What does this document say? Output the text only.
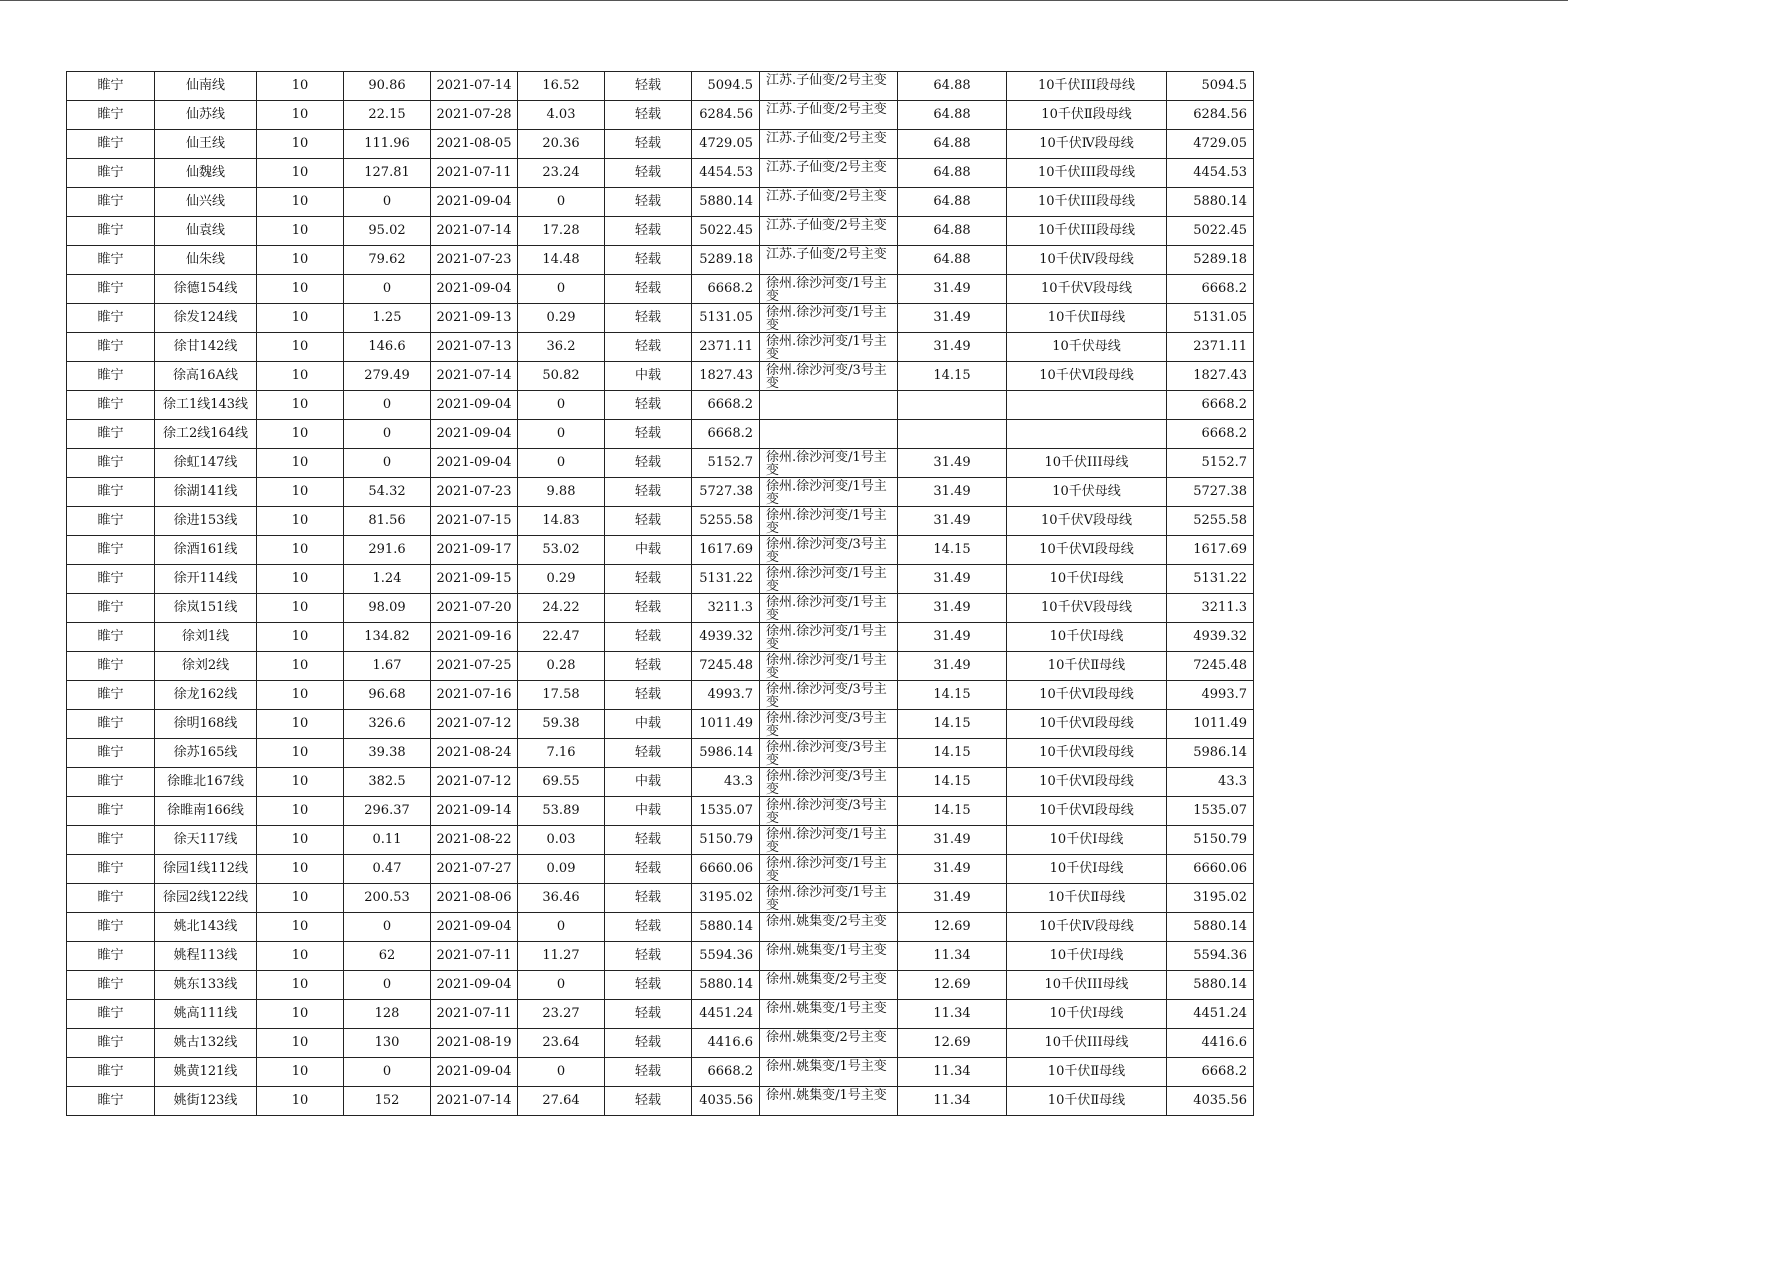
睢宁	仙南线	10	90.86	2021-07-14	16.52	轻载	5094.5	江苏.子仙变/2号主变	64.88	10千伏III段母线	5094.5
睢宁	仙苏线	10	22.15	2021-07-28	4.03	轻载	6284.56	江苏.子仙变/2号主变	64.88	10千伏Ⅱ段母线	6284.56
睢宁	仙王线	10	111.96	2021-08-05	20.36	轻载	4729.05	江苏.子仙变/2号主变	64.88	10千伏Ⅳ段母线	4729.05
睢宁	仙魏线	10	127.81	2021-07-11	23.24	轻载	4454.53	江苏.子仙变/2号主变	64.88	10千伏III段母线	4454.53
睢宁	仙兴线	10	0	2021-09-04	0	轻载	5880.14	江苏.子仙变/2号主变	64.88	10千伏III段母线	5880.14
睢宁	仙袁线	10	95.02	2021-07-14	17.28	轻载	5022.45	江苏.子仙变/2号主变	64.88	10千伏III段母线	5022.45
睢宁	仙朱线	10	79.62	2021-07-23	14.48	轻载	5289.18	江苏.子仙变/2号主变	64.88	10千伏Ⅳ段母线	5289.18
睢宁	徐德154线	10	0	2021-09-04	0	轻载	6668.2	徐州.徐沙河变/1号主变	31.49	10千伏Ⅴ段母线	6668.2
睢宁	徐发124线	10	1.25	2021-09-13	0.29	轻载	5131.05	徐州.徐沙河变/1号主变	31.49	10千伏Ⅱ母线	5131.05
睢宁	徐甘142线	10	146.6	2021-07-13	36.2	轻载	2371.11	徐州.徐沙河变/1号主变	31.49	10千伏母线	2371.11
睢宁	徐高16A线	10	279.49	2021-07-14	50.82	中载	1827.43	徐州.徐沙河变/3号主变	14.15	10千伏Ⅵ段母线	1827.43
睢宁	徐工1线143线	10	0	2021-09-04	0	轻载	6668.2				6668.2
睢宁	徐工2线164线	10	0	2021-09-04	0	轻载	6668.2				6668.2
睢宁	徐虹147线	10	0	2021-09-04	0	轻载	5152.7	徐州.徐沙河变/1号主变	31.49	10千伏III母线	5152.7
睢宁	徐湖141线	10	54.32	2021-07-23	9.88	轻载	5727.38	徐州.徐沙河变/1号主变	31.49	10千伏母线	5727.38
睢宁	徐进153线	10	81.56	2021-07-15	14.83	轻载	5255.58	徐州.徐沙河变/1号主变	31.49	10千伏Ⅴ段母线	5255.58
睢宁	徐酒161线	10	291.6	2021-09-17	53.02	中载	1617.69	徐州.徐沙河变/3号主变	14.15	10千伏Ⅵ段母线	1617.69
睢宁	徐开114线	10	1.24	2021-09-15	0.29	轻载	5131.22	徐州.徐沙河变/1号主变	31.49	10千伏Ⅰ母线	5131.22
睢宁	徐岚151线	10	98.09	2021-07-20	24.22	轻载	3211.3	徐州.徐沙河变/1号主变	31.49	10千伏Ⅴ段母线	3211.3
睢宁	徐刘1线	10	134.82	2021-09-16	22.47	轻载	4939.32	徐州.徐沙河变/1号主变	31.49	10千伏Ⅰ母线	4939.32
睢宁	徐刘2线	10	1.67	2021-07-25	0.28	轻载	7245.48	徐州.徐沙河变/1号主变	31.49	10千伏Ⅱ母线	7245.48
睢宁	徐龙162线	10	96.68	2021-07-16	17.58	轻载	4993.7	徐州.徐沙河变/3号主变	14.15	10千伏Ⅵ段母线	4993.7
睢宁	徐明168线	10	326.6	2021-07-12	59.38	中载	1011.49	徐州.徐沙河变/3号主变	14.15	10千伏Ⅵ段母线	1011.49
睢宁	徐苏165线	10	39.38	2021-08-24	7.16	轻载	5986.14	徐州.徐沙河变/3号主变	14.15	10千伏Ⅵ段母线	5986.14
睢宁	徐睢北167线	10	382.5	2021-07-12	69.55	中载	43.3	徐州.徐沙河变/3号主变	14.15	10千伏Ⅵ段母线	43.3
睢宁	徐睢南166线	10	296.37	2021-09-14	53.89	中载	1535.07	徐州.徐沙河变/3号主变	14.15	10千伏Ⅵ段母线	1535.07
睢宁	徐天117线	10	0.11	2021-08-22	0.03	轻载	5150.79	徐州.徐沙河变/1号主变	31.49	10千伏Ⅰ母线	5150.79
睢宁	徐园1线112线	10	0.47	2021-07-27	0.09	轻载	6660.06	徐州.徐沙河变/1号主变	31.49	10千伏Ⅰ母线	6660.06
睢宁	徐园2线122线	10	200.53	2021-08-06	36.46	轻载	3195.02	徐州.徐沙河变/1号主变	31.49	10千伏Ⅱ母线	3195.02
睢宁	姚北143线	10	0	2021-09-04	0	轻载	5880.14	徐州.姚集变/2号主变	12.69	10千伏Ⅳ段母线	5880.14
睢宁	姚程113线	10	62	2021-07-11	11.27	轻载	5594.36	徐州.姚集变/1号主变	11.34	10千伏Ⅰ母线	5594.36
睢宁	姚东133线	10	0	2021-09-04	0	轻载	5880.14	徐州.姚集变/2号主变	12.69	10千伏III母线	5880.14
睢宁	姚高111线	10	128	2021-07-11	23.27	轻载	4451.24	徐州.姚集变/1号主变	11.34	10千伏Ⅰ母线	4451.24
睢宁	姚古132线	10	130	2021-08-19	23.64	轻载	4416.6	徐州.姚集变/2号主变	12.69	10千伏III母线	4416.6
睢宁	姚黄121线	10	0	2021-09-04	0	轻载	6668.2	徐州.姚集变/1号主变	11.34	10千伏Ⅱ母线	6668.2
睢宁	姚街123线	10	152	2021-07-14	27.64	轻载	4035.56	徐州.姚集变/1号主变	11.34	10千伏Ⅱ母线	4035.56
